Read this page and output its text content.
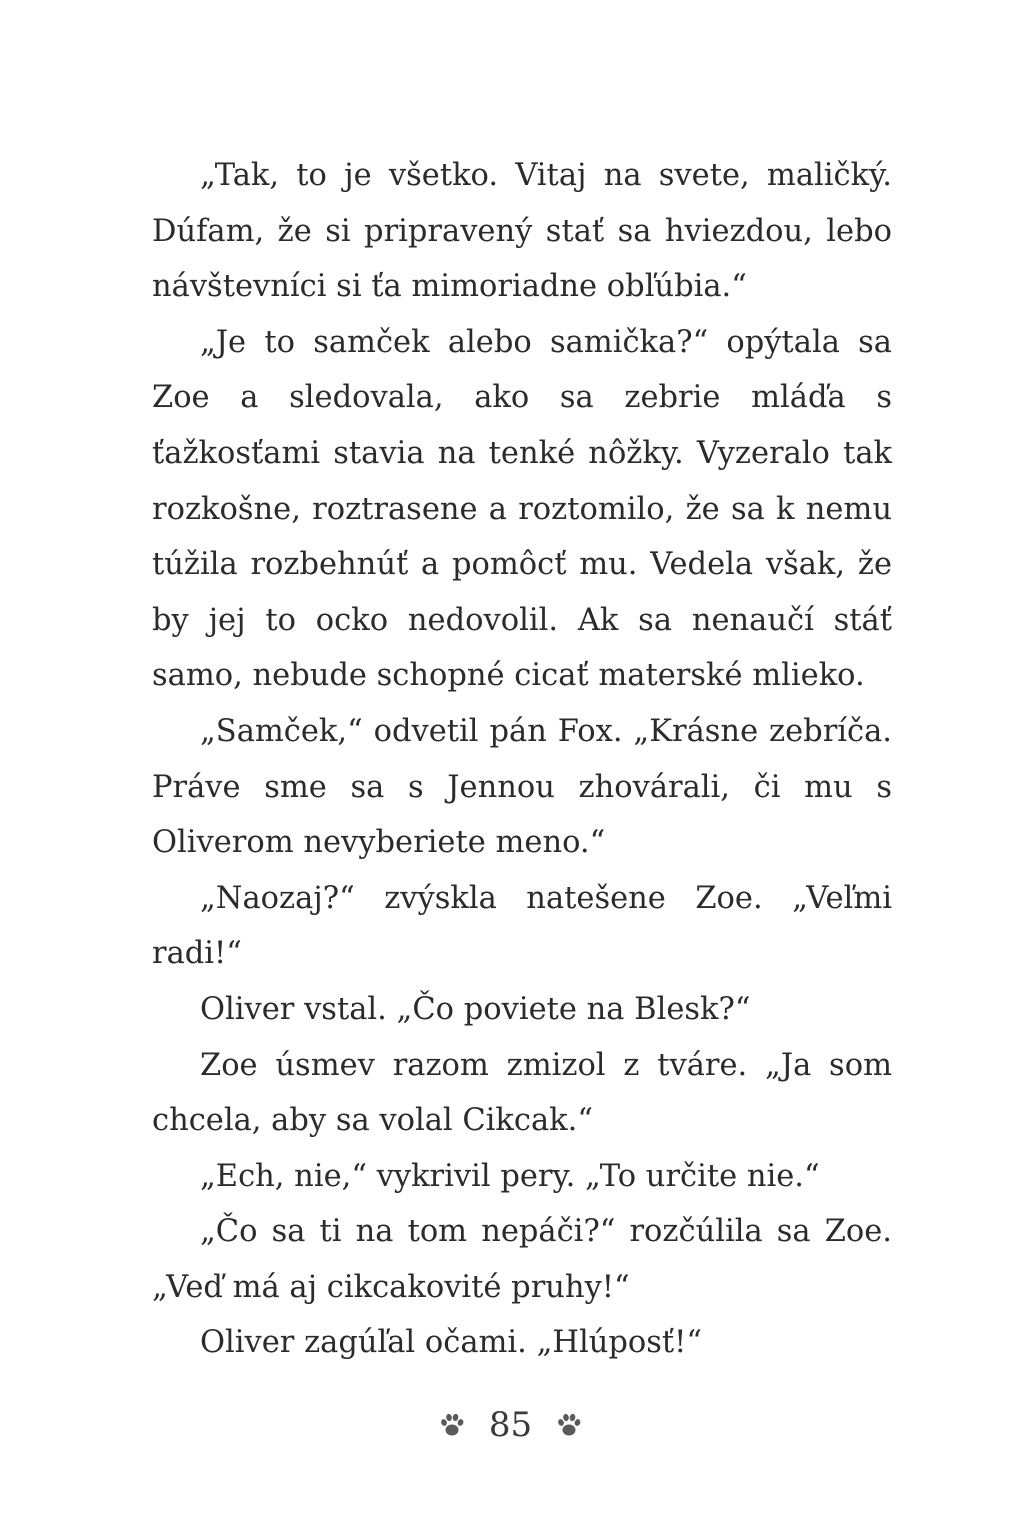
„Tak, to je všetko. Vitaj na svete, maličký. Dúfam, že si pripravený stať sa hviezdou, lebo návštevníci si ťa mimoriadne obľúbia.“

„Je to samček alebo samička?“ opýtala sa Zoe a sledovala, ako sa zebrie mláďa s ťažkosťami stavia na tenké nôžky. Vyzeralo tak rozkošne, roztrasene a roztomilo, že sa k nemu túžila rozbehnúť a pomôcť mu. Vedela však, že by jej to ocko nedovolil. Ak sa nenaučí stáť samo, nebude schopné cicať materské mlieko.

„Samček,“ odvetil pán Fox. „Krásne zebríča. Práve sme sa s Jennou zhovárali, či mu s Oliverom nevyberiete meno.“

„Naozaj?“ zvýskla natešene Zoe. „Veľmi radi!“

Oliver vstal. „Čo poviete na Blesk?“

Zoe úsmev razom zmizol z tváre. „Ja som chcela, aby sa volal Cikcak.“

„Ech, nie,“ vykrivil pery. „To určite nie.“

„Čo sa ti na tom nepáči?“ rozčúlila sa Zoe. „Veď má aj cikcakovité pruhy!“

Oliver zagúľal očami. „Hlúposť!“

85
